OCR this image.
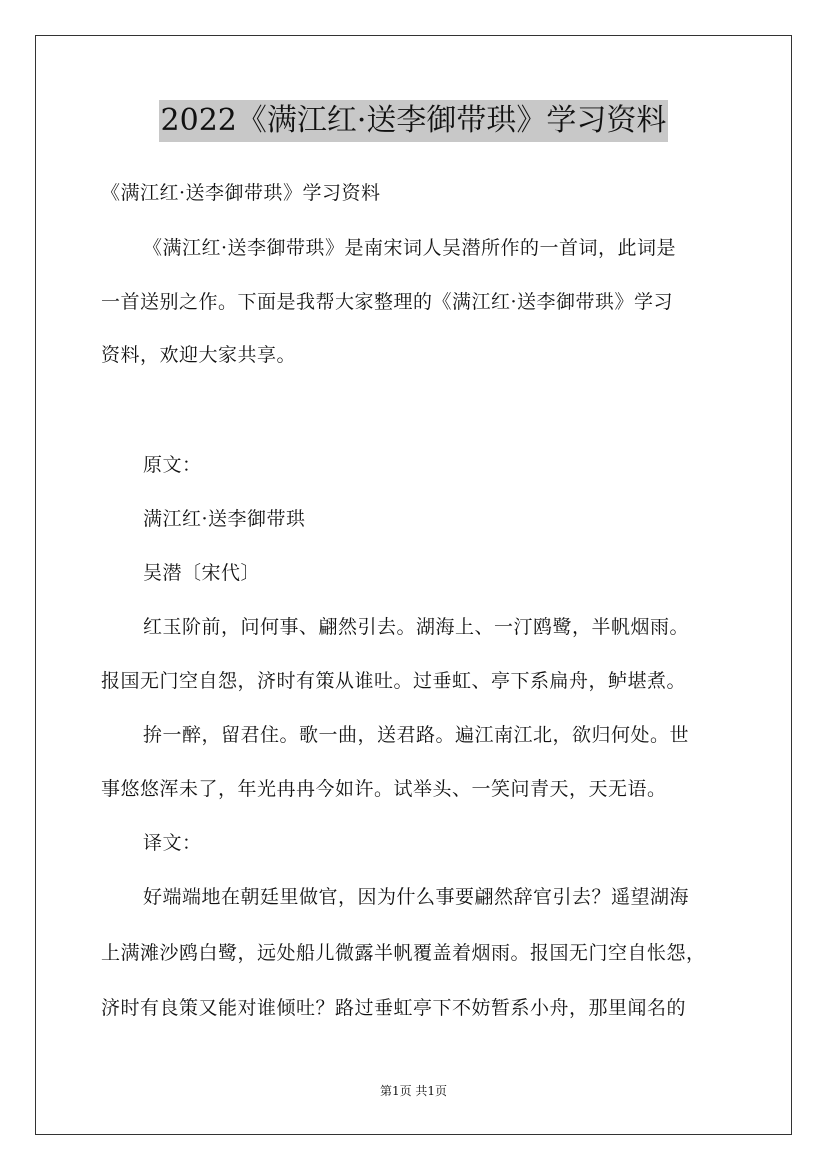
2022《满江红·送李御带珙》学习资料
《满江红·送李御带珙》学习资料
《满江红·送李御带珙》是南宋词人吴潜所作的一首词，此词是
一首送别之作。下面是我帮大家整理的《满江红·送李御带珙》学习
资料，欢迎大家共享。
原文：
满江红·送李御带珙
吴潜〔宋代〕
红玉阶前，问何事、翩然引去。湖海上、一汀鸥鹭，半帆烟雨。
报国无门空自怨，济时有策从谁吐。过垂虹、亭下系扁舟，鲈堪煮。
拚一醉，留君住。歌一曲，送君路。遍江南江北，欲归何处。世
事悠悠浑未了，年光冉冉今如许。试举头、一笑问青天，天无语。
译文：
好端端地在朝廷里做官，因为什么事要翩然辞官引去？遥望湖海
上满滩沙鸥白鹭，远处船儿微露半帆覆盖着烟雨。报国无门空自怅怨，
济时有良策又能对谁倾吐？路过垂虹亭下不妨暂系小舟，那里闻名的
第1页 共1页
